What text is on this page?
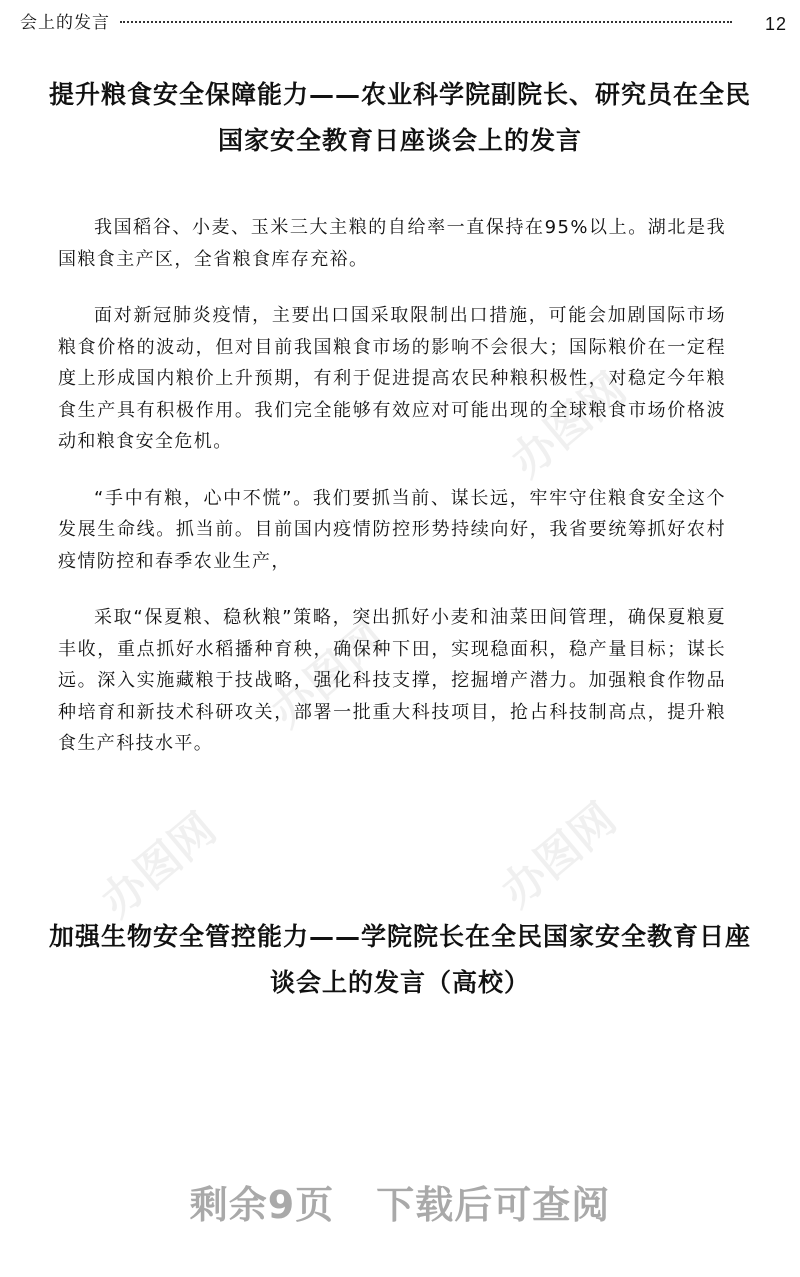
办图网
办图网
办图网
办图网
会上的发言	12
提升粮食安全保障能力——农业科学院副院长、研究员在全民
国家安全教育日座谈会上的发言

我国稻谷、小麦、玉米三大主粮的自给率一直保持在95%以上。湖北是我国粮食主产区，全省粮食库存充裕。

面对新冠肺炎疫情，主要出口国采取限制出口措施，可能会加剧国际市场粮食价格的波动，但对目前我国粮食市场的影响不会很大；国际粮价在一定程度上形成国内粮价上升预期，有利于促进提高农民种粮积极性，对稳定今年粮食生产具有积极作用。我们完全能够有效应对可能出现的全球粮食市场价格波动和粮食安全危机。

“手中有粮，心中不慌”。我们要抓当前、谋长远，牢牢守住粮食安全这个发展生命线。抓当前。目前国内疫情防控形势持续向好，我省要统筹抓好农村疫情防控和春季农业生产，

采取“保夏粮、稳秋粮”策略，突出抓好小麦和油菜田间管理，确保夏粮夏丰收，重点抓好水稻播种育秧，确保种下田，实现稳面积，稳产量目标；谋长远。深入实施藏粮于技战略，强化科技支撑，挖掘增产潜力。加强粮食作物品种培育和新技术科研攻关，部署一批重大科技项目，抢占科技制高点，提升粮食生产科技水平。

加强生物安全管控能力——学院院长在全民国家安全教育日座
谈会上的发言（高校）
剩余9页 下载后可查阅
